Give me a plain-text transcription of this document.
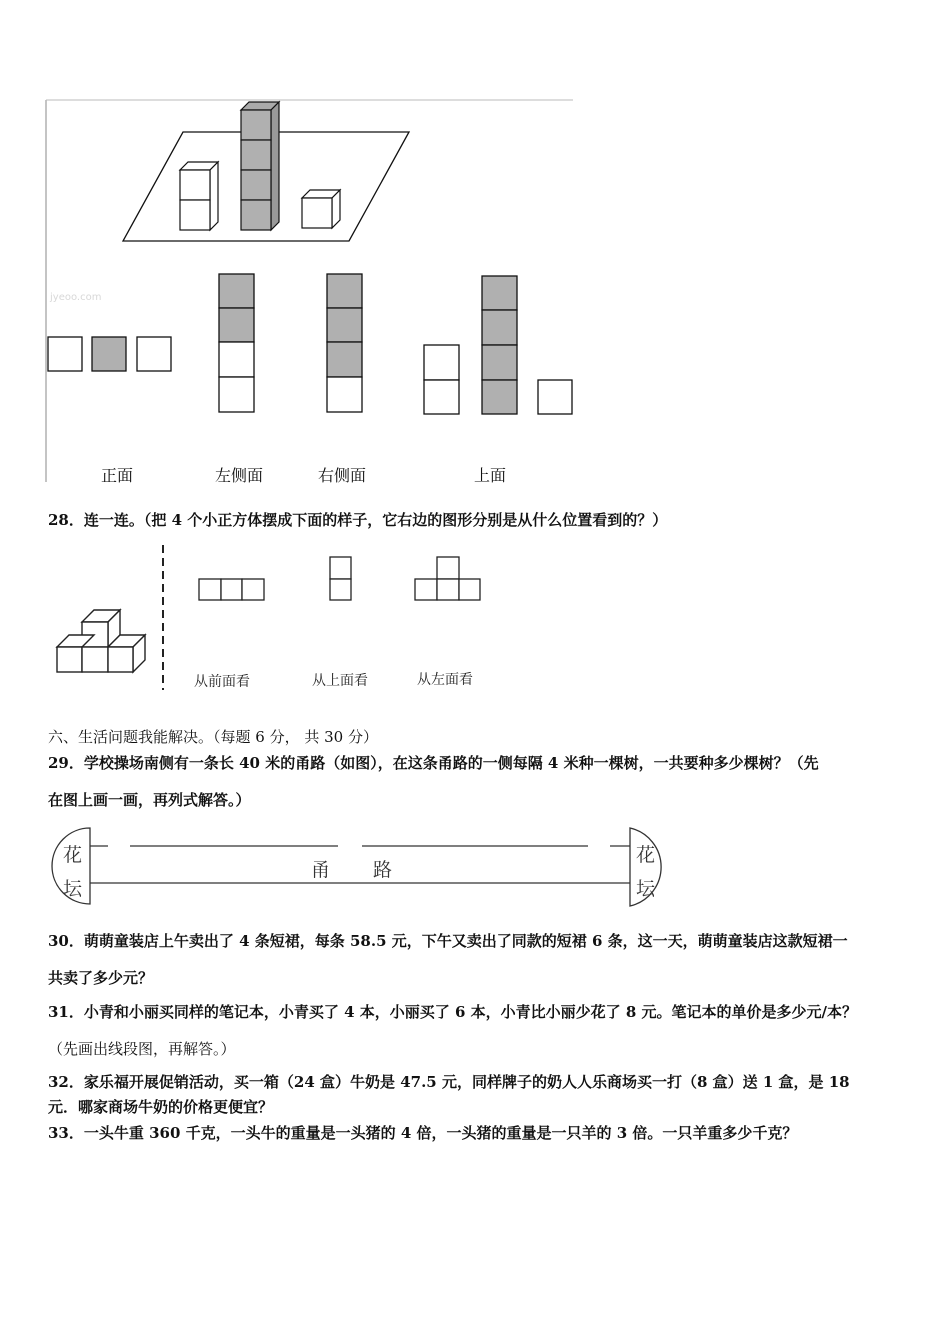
jyeoo.com
正面	左侧面	右侧面	上面
28．连一连。（把 4 个小正方体摆成下面的样子，它右边的图形分别是从什么位置看到的？）
从前面看	从上面看	从左面看
六、生活问题我能解决。（每题 6 分， 共 30 分）
29．学校操场南侧有一条长 40 米的甬路（如图），在这条甬路的一侧每隔 4 米种一棵树，一共要种多少棵树？（先
在图上画一画，再列式解答。）
花
坛
花
坛
甬 路
30．萌萌童装店上午卖出了 4 条短裙，每条 58.5 元，下午又卖出了同款的短裙 6 条，这一天，萌萌童装店这款短裙一
共卖了多少元？
31．小青和小丽买同样的笔记本，小青买了 4 本，小丽买了 6 本，小青比小丽少花了 8 元。笔记本的单价是多少元/本？
（先画出线段图，再解答。）
32．家乐福开展促销活动，买一箱（24 盒）牛奶是 47.5 元，同样牌子的奶人人乐商场买一打（8 盒）送 1 盒，是 18
元．哪家商场牛奶的价格更便宜？
33．一头牛重 360 千克，一头牛的重量是一头猪的 4 倍，一头猪的重量是一只羊的 3 倍。一只羊重多少千克？
